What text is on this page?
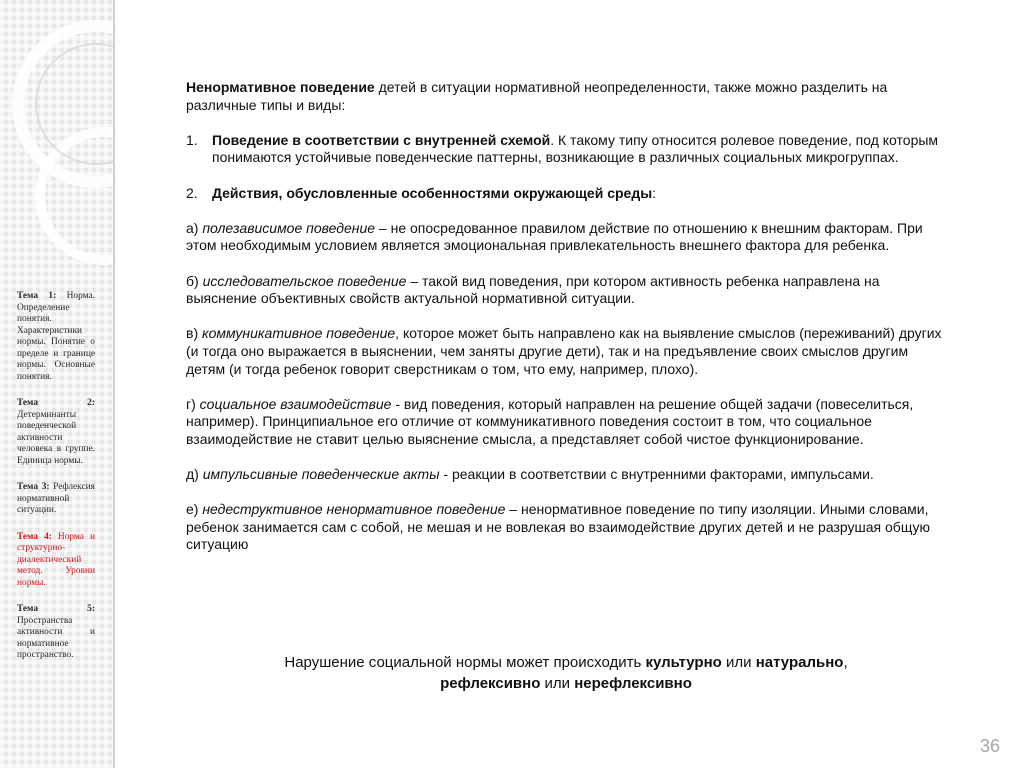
Тема 1: Норма. Определение понятия. Характеристики нормы. Понятие о пределе и границе нормы. Основные понятия.
Тема 2: Детерминанты поведенческой активности человека в группе. Единица нормы.
Тема 3: Рефлексия нормативной ситуации.
Тема 4: Норма и структурно-диалектический метод. Уровни нормы.
Тема 5: Пространства активности и нормативное пространство.

Ненормативное поведение детей в ситуации нормативной неопределенности, также можно разделить на различные типы и виды:

1.	Поведение в соответствии с внутренней схемой. К такому типу относится ролевое поведение, под которым понимаются устойчивые поведенческие паттерны, возникающие в различных социальных микрогруппах.
2.	Действия, обусловленные особенностями окружающей среды:

а) полезависимое поведение – не опосредованное правилом действие по отношению к внешним факторам. При этом необходимым условием является эмоциональная привлекательность внешнего фактора для ребенка.

б) исследовательское поведение – такой вид поведения, при котором активность ребенка направлена на выяснение объективных свойств актуальной нормативной ситуации.

в) коммуникативное поведение, которое может быть направлено как на выявление смыслов (переживаний) других (и тогда оно выражается в выяснении, чем заняты другие дети), так и на предъявление своих смыслов другим детям (и тогда ребенок говорит сверстникам о том, что ему, например, плохо).

г) социальное взаимодействие - вид поведения, который направлен на решение общей задачи (повеселиться, например). Принципиальное его отличие от коммуникативного поведения состоит в том, что социальное взаимодействие не ставит целью выяснение смысла, а представляет собой чистое функционирование.

д) импульсивные поведенческие акты - реакции в соответствии с внутренними факторами, импульсами.

е) недеструктивное ненормативное поведение – ненормативное поведение по типу изоляции. Иными словами, ребенок занимается сам с собой, не мешая и не вовлекая во взаимодействие других детей и не разрушая общую ситуацию

Нарушение социальной нормы может происходить культурно или натурально,
рефлексивно или нерефлексивно

36
